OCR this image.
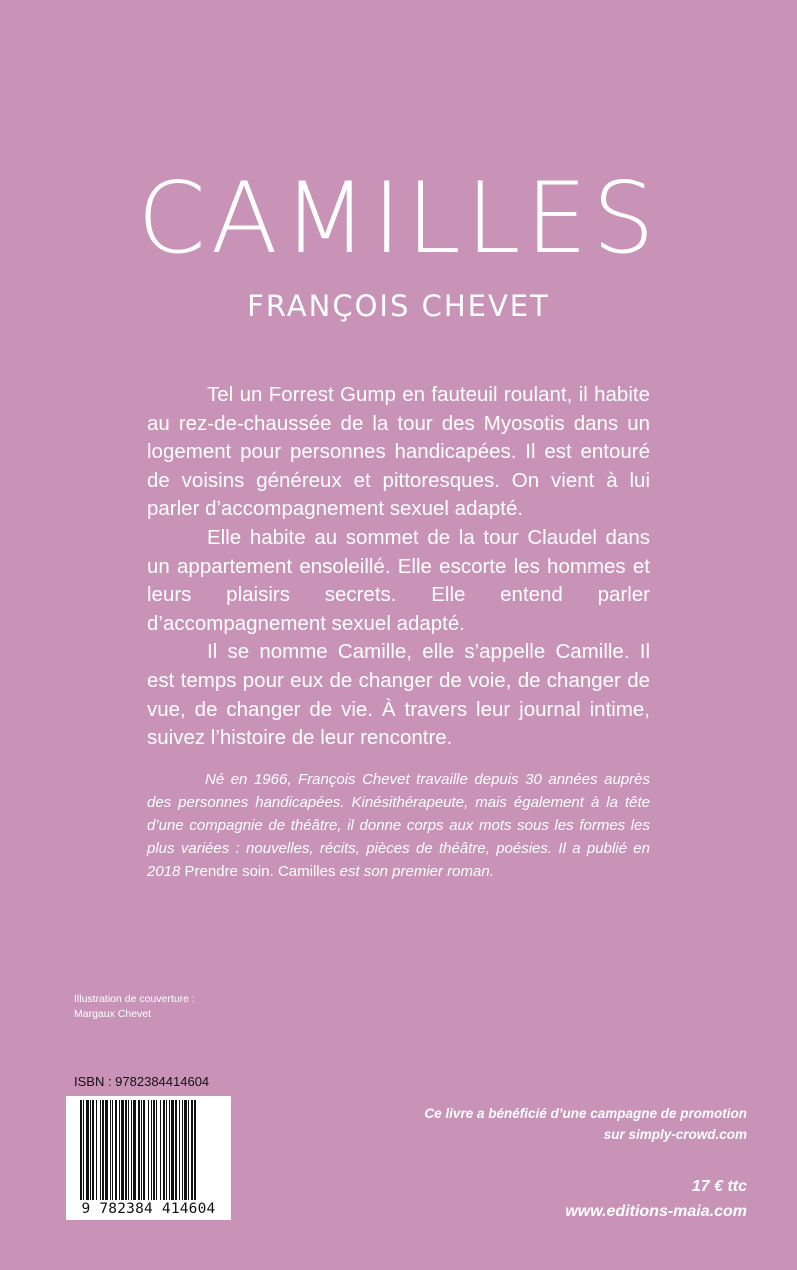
CAMILLES
FRANÇOIS CHEVET

Tel un Forrest Gump en fauteuil roulant, il habite au rez-de-chaussée de la tour des Myosotis dans un logement pour personnes handicapées. Il est entouré de voisins généreux et pittoresques. On vient à lui parler d’accompagnement sexuel adapté.

Elle habite au sommet de la tour Claudel dans un appartement ensoleillé. Elle escorte les hommes et leurs plaisirs secrets. Elle entend parler d’accompagnement sexuel adapté.

Il se nomme Camille, elle s’appelle Camille. Il est temps pour eux de changer de voie, de changer de vue, de changer de vie. À travers leur journal intime, suivez l’histoire de leur rencontre.

Né en 1966, François Chevet travaille depuis 30 années auprès des personnes handicapées. Kinésithérapeute, mais également à la tête d’une compagnie de théâtre, il donne corps aux mots sous les formes les plus variées : nouvelles, récits, pièces de théâtre, poésies. Il a publié en 2018 Prendre soin. Camilles est son premier roman.

Illustration de couverture :
Margaux Chevet
ISBN : 9782384414604
9 782384 414604
Ce livre a bénéficié d’une campagne de promotion
sur simply-crowd.com
17 € ttc
www.editions-maia.com
